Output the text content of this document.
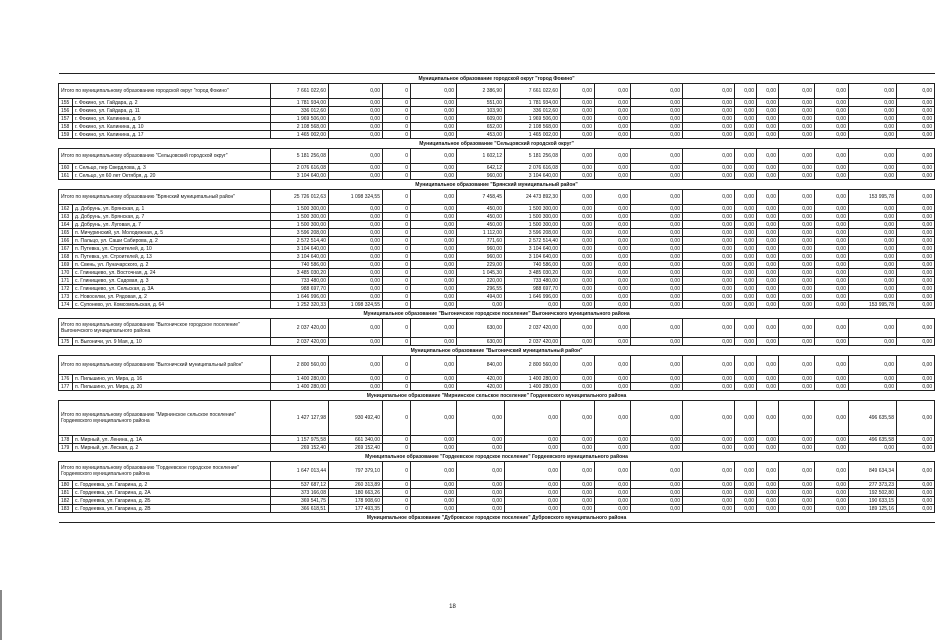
Муниципальное образование городской округ "город Фокино"																	
Итого по муниципальному образованию городской округ "город Фокино"		7 661 022,60	0,00	0	0,00	2 386,90	7 661 022,60	0,00	0,00	0,00	0,00	0,00	0,00	0,00	0,00	0,00	0,00
155	г. Фокино, ул. Гайдара, д. 2	1 781 934,00	0,00	0	0,00	551,00	1 781 934,00	0,00	0,00	0,00	0,00	0,00	0,00	0,00	0,00	0,00	0,00
156	г. Фокино, ул. Гайдара, д. 11	336 012,60	0,00	0	0,00	103,90	336 012,60	0,00	0,00	0,00	0,00	0,00	0,00	0,00	0,00	0,00	0,00
157	г. Фокино, ул. Калинина, д. 9	1 969 506,00	0,00	0	0,00	609,00	1 969 506,00	0,00	0,00	0,00	0,00	0,00	0,00	0,00	0,00	0,00	0,00
158	г. Фокино, ул. Калинина, д. 10	2 108 568,00	0,00	0	0,00	652,00	2 108 568,00	0,00	0,00	0,00	0,00	0,00	0,00	0,00	0,00	0,00	0,00
159	г. Фокино, ул. Калинина, д. 17	1 465 002,00	0,00	0	0,00	453,00	1 465 002,00	0,00	0,00	0,00	0,00	0,00	0,00	0,00	0,00	0,00	0,00
Муниципальное образование "Сельцовский городской округ"																	
Итого по муниципальному образованию "Сельцовский городской округ"		5 181 256,08	0,00	0	0,00	1 602,12	5 181 256,08	0,00	0,00	0,00	0,00	0,00	0,00	0,00	0,00	0,00	0,00
160	г. Сельцо, пер Свердлова, д. 3	2 076 616,08	0,00	0	0,00	642,12	2 076 616,08	0,00	0,00	0,00	0,00	0,00	0,00	0,00	0,00	0,00	0,00
161	г. Сельцо, ул 60 лет Октября, д. 20	3 104 640,00	0,00	0	0,00	960,00	3 104 640,00	0,00	0,00	0,00	0,00	0,00	0,00	0,00	0,00	0,00	0,00
Муниципальное образование "Брянский муниципальный район"																	
Итого по муниципальному образованию "Брянский муниципальный район"		25 726 012,63	1 098 324,55	0	0,00	7 458,45	24 473 892,30	0,00	0,00	0,00	0,00	0,00	0,00	0,00	0,00	153 995,78	0,00
162	д. Добрунь, ул. Брянская, д. 1	1 500 300,00	0,00	0	0,00	450,00	1 500 300,00	0,00	0,00	0,00	0,00	0,00	0,00	0,00	0,00	0,00	0,00
163	д. Добрунь, ул. Брянская, д. 7	1 500 300,00	0,00	0	0,00	450,00	1 500 300,00	0,00	0,00	0,00	0,00	0,00	0,00	0,00	0,00	0,00	0,00
164	д. Добрунь, ул. Луговая, д. 7	1 500 300,00	0,00	0	0,00	450,00	1 500 300,00	0,00	0,00	0,00	0,00	0,00	0,00	0,00	0,00	0,00	0,00
165	п. Мичуринский, ул. Молодежная, д. 5	3 596 208,00	0,00	0	0,00	1 112,00	3 596 208,00	0,00	0,00	0,00	0,00	0,00	0,00	0,00	0,00	0,00	0,00
166	п. Пальцо, ул. Саши Сабирова, д. 2	2 572 514,40	0,00	0	0,00	771,60	2 572 514,40	0,00	0,00	0,00	0,00	0,00	0,00	0,00	0,00	0,00	0,00
167	п. Путевка, ул. Строителей, д. 10	3 104 640,00	0,00	0	0,00	960,00	3 104 640,00	0,00	0,00	0,00	0,00	0,00	0,00	0,00	0,00	0,00	0,00
168	п. Путевка, ул. Строителей, д. 13	3 104 640,00	0,00	0	0,00	960,00	3 104 640,00	0,00	0,00	0,00	0,00	0,00	0,00	0,00	0,00	0,00	0,00
169	п. Свень, ул. Луначарского, д. 2	740 586,00	0,00	0	0,00	229,00	740 586,00	0,00	0,00	0,00	0,00	0,00	0,00	0,00	0,00	0,00	0,00
170	с. Глинищево, ул. Восточная, д. 24	3 485 030,20	0,00	0	0,00	1 045,30	3 485 030,20	0,00	0,00	0,00	0,00	0,00	0,00	0,00	0,00	0,00	0,00
171	с. Глинищево, ул. Садовая, д. 3	733 480,00	0,00	0	0,00	220,00	733 480,00	0,00	0,00	0,00	0,00	0,00	0,00	0,00	0,00	0,00	0,00
172	с. Глинищево, ул. Сельская, д. 3А	988 697,70	0,00	0	0,00	296,55	988 697,70	0,00	0,00	0,00	0,00	0,00	0,00	0,00	0,00	0,00	0,00
173	с. Новоселки, ул. Рядовая, д. 2	1 646 996,00	0,00	0	0,00	494,00	1 646 996,00	0,00	0,00	0,00	0,00	0,00	0,00	0,00	0,00	0,00	0,00
174	с. Супонево, ул. Комсомольская, д. 64	1 252 320,33	1 098 324,55	0	0,00	0,00	0,00	0,00	0,00	0,00	0,00	0,00	0,00	0,00	0,00	153 995,78	0,00
Муниципальное образование "Выгоничское городское поселение" Выгоничского муниципального района																	
Итого по муниципальному образованию "Выгоничское городское поселение" Выгоничского муниципального района		2 037 420,00	0,00	0	0,00	630,00	2 037 420,00	0,00	0,00	0,00	0,00	0,00	0,00	0,00	0,00	0,00	0,00
175	п. Выгоничи, ул. 9 Мая, д. 10	2 037 420,00	0,00	0	0,00	630,00	2 037 420,00	0,00	0,00	0,00	0,00	0,00	0,00	0,00	0,00	0,00	0,00
Муниципальное образование "Выгоничский муниципальный район"																	
Итого по муниципальному образованию "Выгоничский муниципальный район"		2 800 560,00	0,00	0	0,00	840,00	2 800 560,00	0,00	0,00	0,00	0,00	0,00	0,00	0,00	0,00	0,00	0,00
176	п. Пильшино, ул. Мира, д. 16	1 400 280,00	0,00	0	0,00	420,00	1 400 280,00	0,00	0,00	0,00	0,00	0,00	0,00	0,00	0,00	0,00	0,00
177	п. Пильшино, ул. Мира, д. 20	1 400 280,00	0,00	0	0,00	420,00	1 400 280,00	0,00	0,00	0,00	0,00	0,00	0,00	0,00	0,00	0,00	0,00
Муниципальное образование "Мирнинское сельское поселение" Гордеевского муниципального района																	
Итого по муниципальному образованию "Мирнинское сельское поселение" Гордеевского муниципального района		1 427 127,98	930 492,40	0	0,00	0,00	0,00	0,00	0,00	0,00	0,00	0,00	0,00	0,00	0,00	496 635,58	0,00
178	п. Мирный, ул. Ленина, д. 1А	1 157 975,58	661 340,00	0	0,00	0,00	0,00	0,00	0,00	0,00	0,00	0,00	0,00	0,00	0,00	496 635,58	0,00
179	п. Мирный, ул. Лесная, д. 2	269 152,40	269 152,40	0	0,00	0,00	0,00	0,00	0,00	0,00	0,00	0,00	0,00	0,00	0,00	0,00	0,00
Муниципальное образование "Гордеевское городское поселение" Гордеевского муниципального района																	
Итого по муниципальному образованию "Гордеевское городское поселение" Гордеевского муниципального района		1 647 013,44	797 379,10	0	0,00	0,00	0,00	0,00	0,00	0,00	0,00	0,00	0,00	0,00	0,00	849 634,34	0,00
180	с. Гордеевка, ул. Гагарина, д. 2	537 687,12	260 313,89	0	0,00	0,00	0,00	0,00	0,00	0,00	0,00	0,00	0,00	0,00	0,00	277 373,23	0,00
181	с. Гордеевка, ул. Гагарина, д. 2А	373 166,08	180 663,26	0	0,00	0,00	0,00	0,00	0,00	0,00	0,00	0,00	0,00	0,00	0,00	192 502,80	0,00
182	с. Гордеевка, ул. Гагарина, д. 2Б	369 541,75	178 908,60	0	0,00	0,00	0,00	0,00	0,00	0,00	0,00	0,00	0,00	0,00	0,00	190 633,15	0,00
183	с. Гордеевка, ул. Гагарина, д. 2В	366 618,51	177 493,35	0	0,00	0,00	0,00	0,00	0,00	0,00	0,00	0,00	0,00	0,00	0,00	189 125,16	0,00
Муниципальное образование "Дубровское городское поселение" Дубровского муниципального района																	
18
